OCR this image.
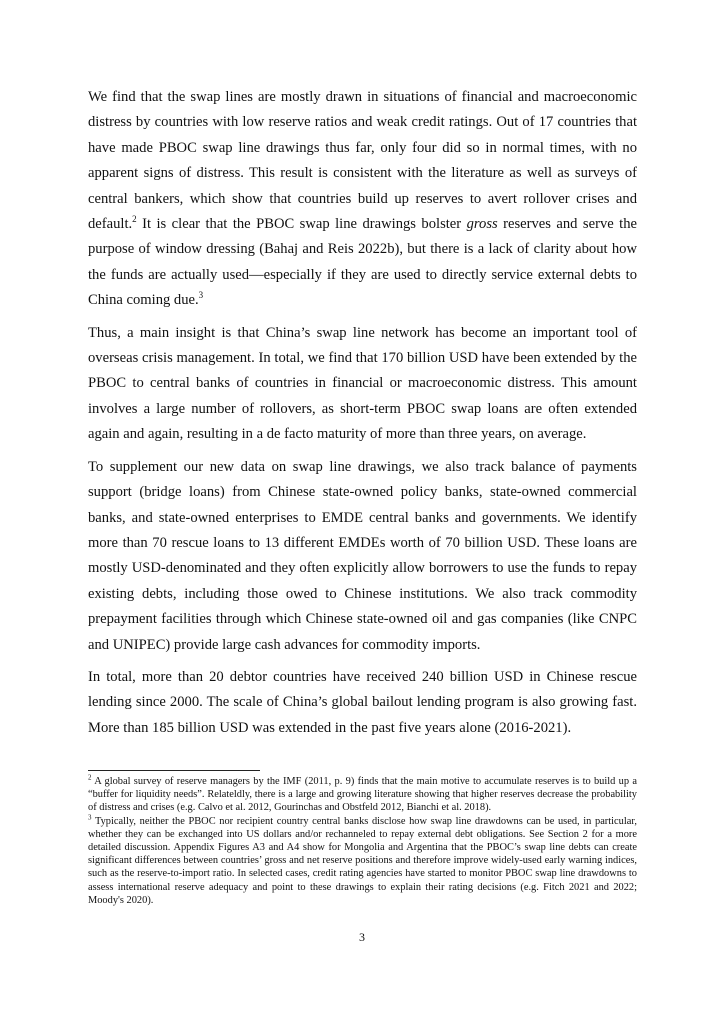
We find that the swap lines are mostly drawn in situations of financial and macroeconomic distress by countries with low reserve ratios and weak credit ratings. Out of 17 countries that have made PBOC swap line drawings thus far, only four did so in normal times, with no apparent signs of distress. This result is consistent with the literature as well as surveys of central bankers, which show that countries build up reserves to avert rollover crises and default.$^2$ It is clear that the PBOC swap line drawings bolster gross reserves and serve the purpose of window dressing (Bahaj and Reis 2022b), but there is a lack of clarity about how the funds are actually used—especially if they are used to directly service external debts to China coming due.$^3$

Thus, a main insight is that China’s swap line network has become an important tool of overseas crisis management. In total, we find that 170 billion USD have been extended by the PBOC to central banks of countries in financial or macroeconomic distress. This amount involves a large number of rollovers, as short-term PBOC swap loans are often extended again and again, resulting in a de facto maturity of more than three years, on average.

To supplement our new data on swap line drawings, we also track balance of payments support (bridge loans) from Chinese state-owned policy banks, state-owned commercial banks, and state-owned enterprises to EMDE central banks and governments. We identify more than 70 rescue loans to 13 different EMDEs worth of 70 billion USD. These loans are mostly USD-denominated and they often explicitly allow borrowers to use the funds to repay existing debts, including those owed to Chinese institutions. We also track commodity prepayment facilities through which Chinese state-owned oil and gas companies (like CNPC and UNIPEC) provide large cash advances for commodity imports.

In total, more than 20 debtor countries have received 240 billion USD in Chinese rescue lending since 2000. The scale of China’s global bailout lending program is also growing fast. More than 185 billion USD was extended in the past five years alone (2016-2021).

$^2$ A global survey of reserve managers by the IMF (2011, p. 9) finds that the main motive to accumulate reserves is to build up a “buffer for liquidity needs”. Relateldly, there is a large and growing literature showing that higher reserves decrease the probability of distress and crises (e.g. Calvo et al. 2012, Gourinchas and Obstfeld 2012, Bianchi et al. 2018).

$^3$ Typically, neither the PBOC nor recipient country central banks disclose how swap line drawdowns can be used, in particular, whether they can be exchanged into US dollars and/or rechanneled to repay external debt obligations. See Section 2 for a more detailed discussion. Appendix Figures A3 and A4 show for Mongolia and Argentina that the PBOC’s swap line debts can create significant differences between countries’ gross and net reserve positions and therefore improve widely-used early warning indices, such as the reserve-to-import ratio. In selected cases, credit rating agencies have started to monitor PBOC swap line drawdowns to assess international reserve adequacy and point to these drawings to explain their rating decisions (e.g. Fitch 2021 and 2022; Moody's 2020).

3
